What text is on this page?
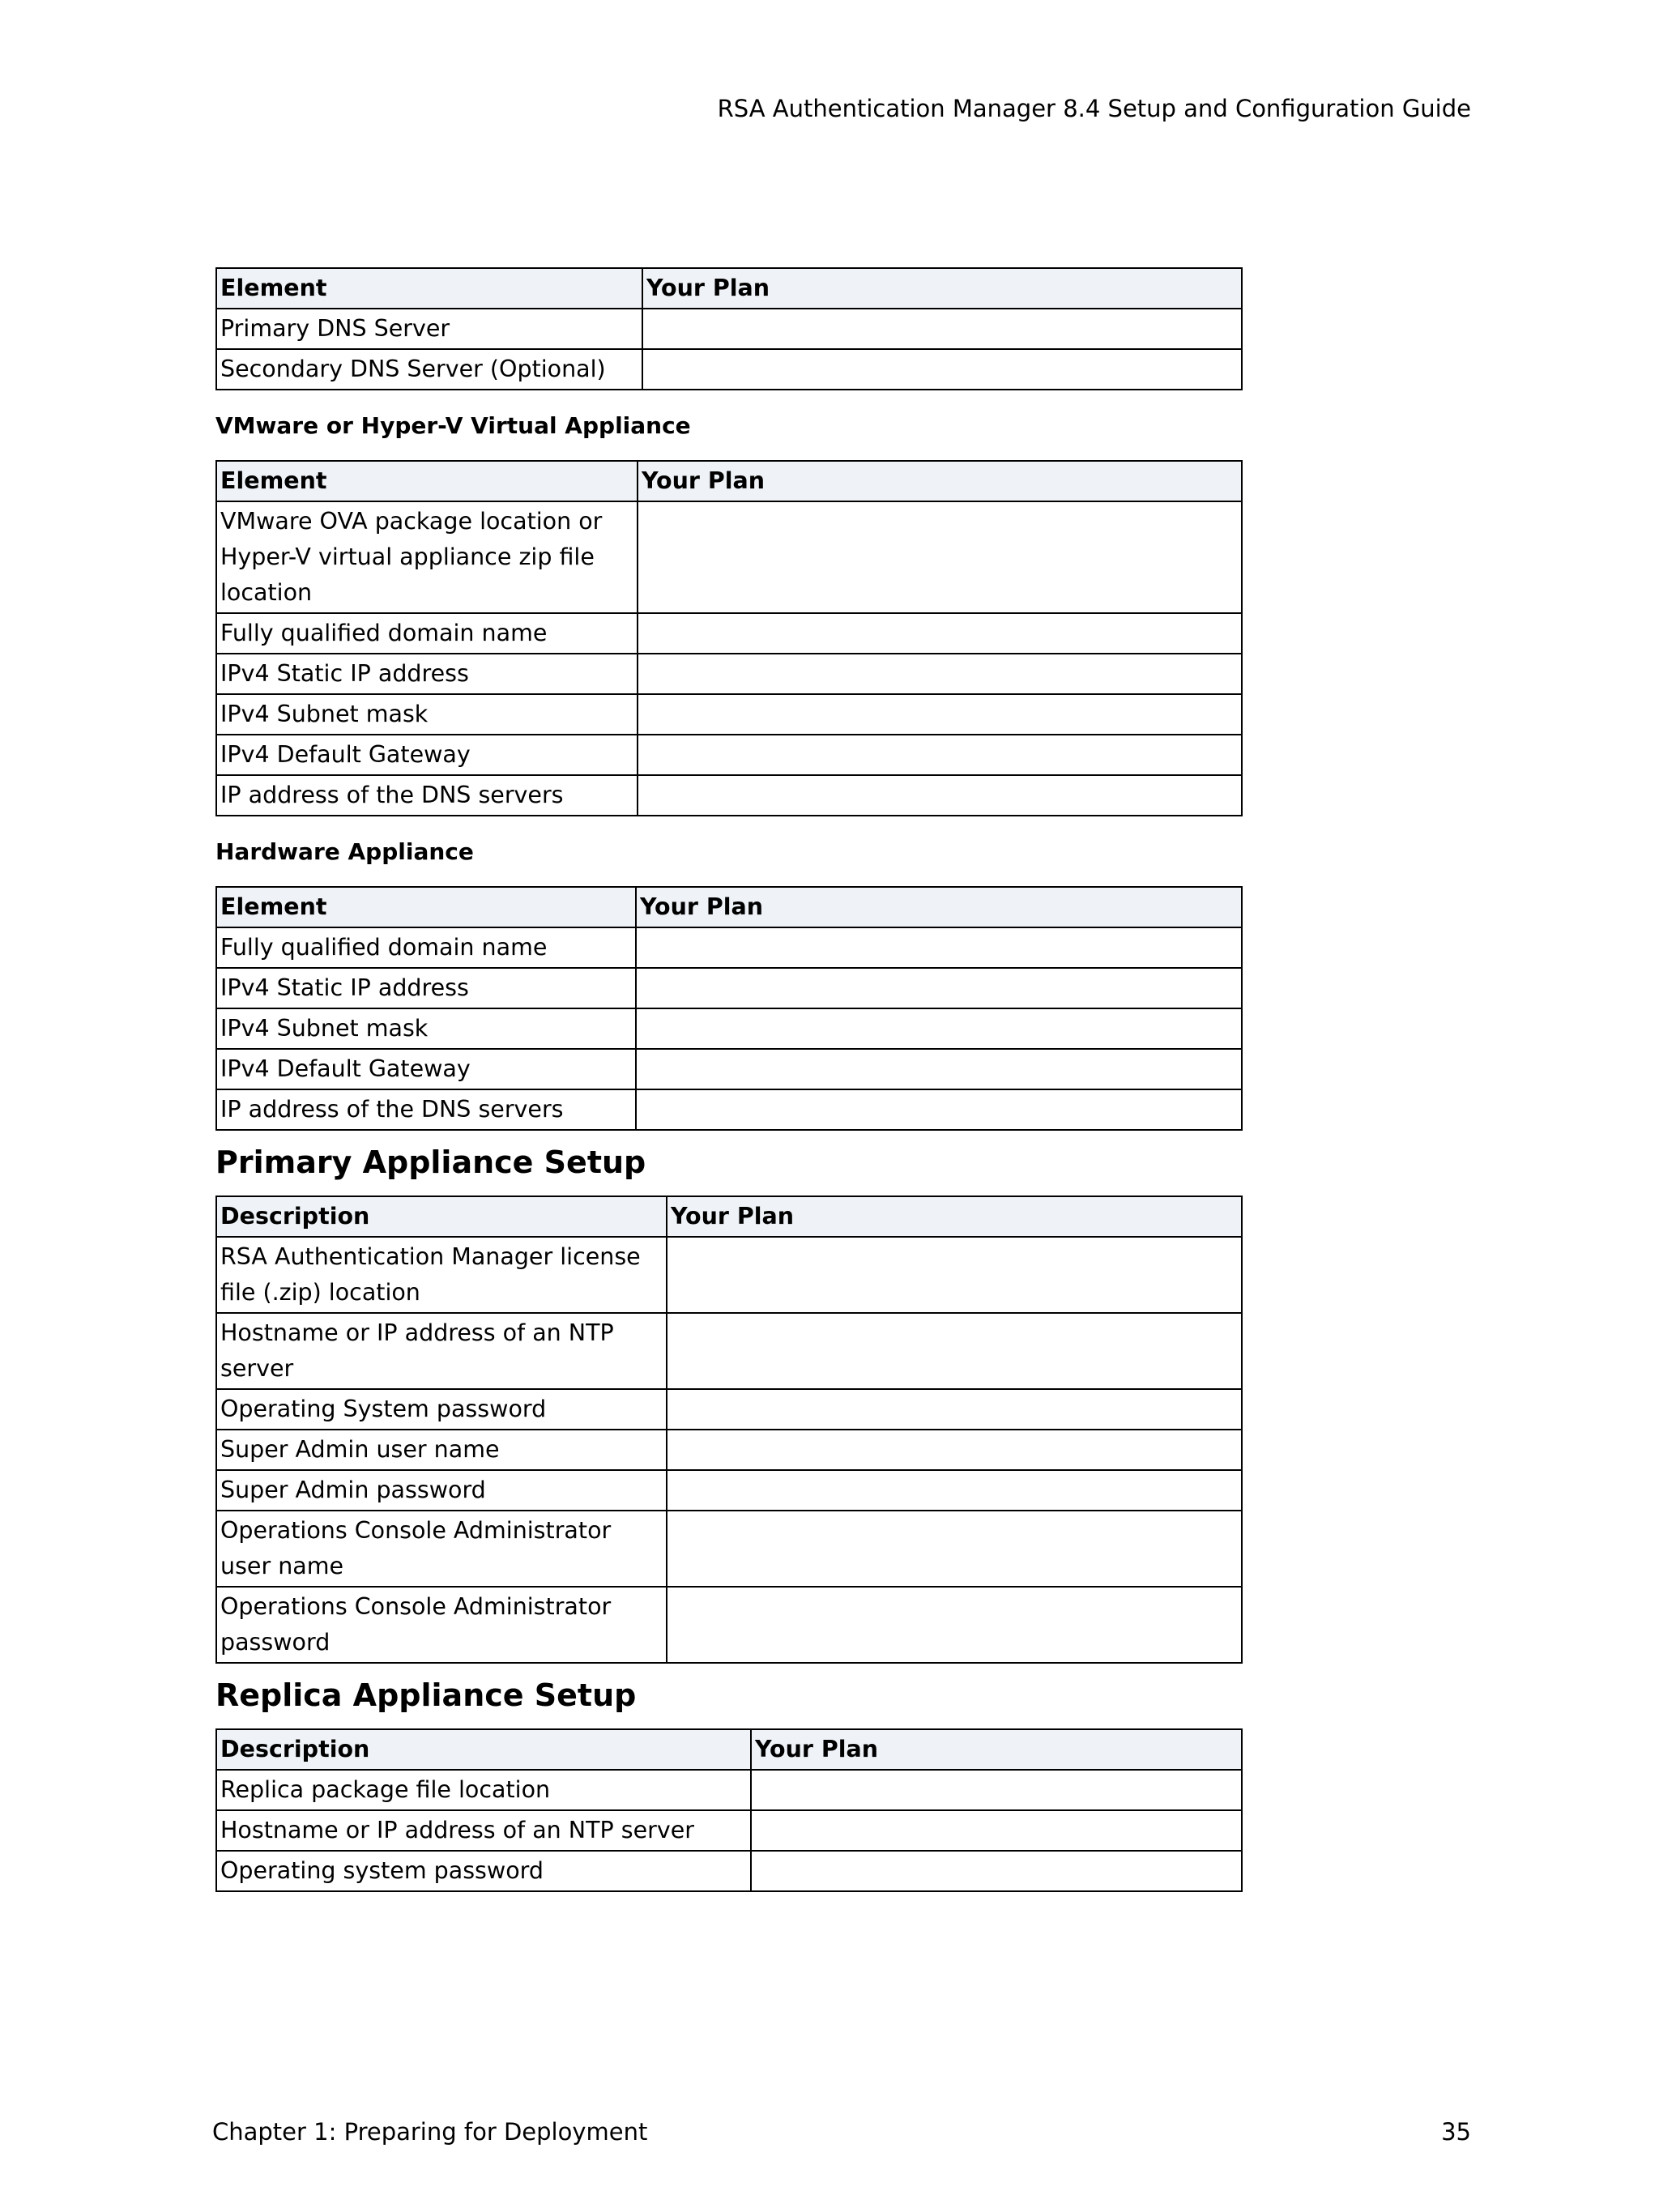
RSA Authentication Manager 8.4 Setup and Configuration Guide
Element	Your Plan
Primary DNS Server	
Secondary DNS Server (Optional)	
VMware or Hyper-V Virtual Appliance
Element	Your Plan
VMware OVA package location or Hyper-V virtual appliance zip file location	
Fully qualified domain name	
IPv4 Static IP address	
IPv4 Subnet mask	
IPv4 Default Gateway	
IP address of the DNS servers	
Hardware Appliance
Element	Your Plan
Fully qualified domain name	
IPv4 Static IP address	
IPv4 Subnet mask	
IPv4 Default Gateway	
IP address of the DNS servers	
Primary Appliance Setup
Description	Your Plan
RSA Authentication Manager license file (.zip) location	
Hostname or IP address of an NTP server	
Operating System password	
Super Admin user name	
Super Admin password	
Operations Console Administrator user name	
Operations Console Administrator password	
Replica Appliance Setup
Description	Your Plan
Replica package file location	
Hostname or IP address of an NTP server	
Operating system password	
Chapter 1: Preparing for Deployment	35
